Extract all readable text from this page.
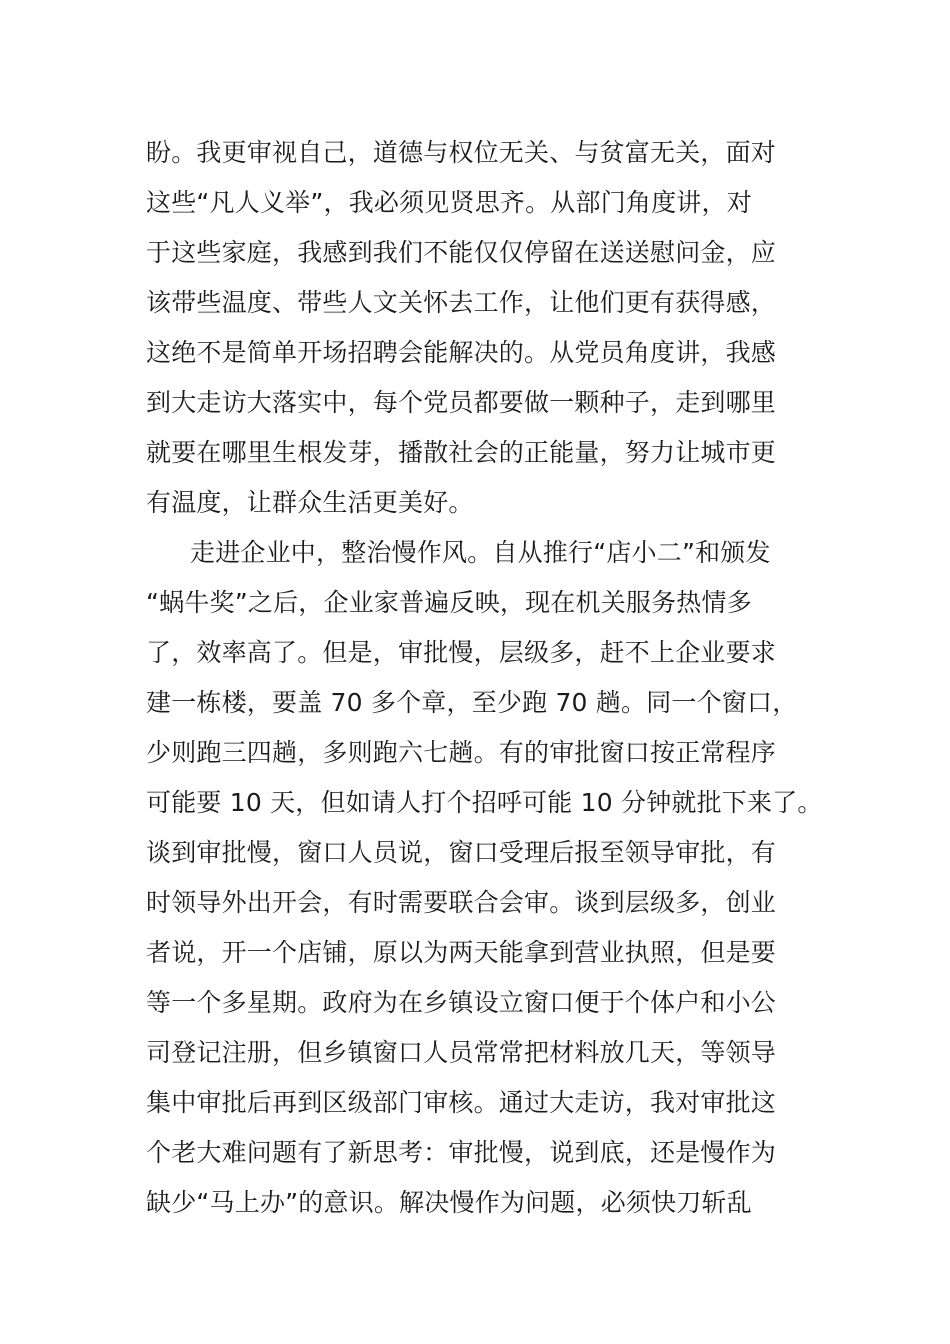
盼。我更审视自己，道德与权位无关、与贫富无关，面对
这些“凡人义举”，我必须见贤思齐。从部门角度讲，对
于这些家庭，我感到我们不能仅仅停留在送送慰问金，应
该带些温度、带些人文关怀去工作，让他们更有获得感，
这绝不是简单开场招聘会能解决的。从党员角度讲，我感
到大走访大落实中，每个党员都要做一颗种子，走到哪里
就要在哪里生根发芽，播散社会的正能量，努力让城市更
有温度，让群众生活更美好。
走进企业中，整治慢作风。自从推行“店小二”和颁发
“蜗牛奖”之后，企业家普遍反映，现在机关服务热情多
了，效率高了。但是，审批慢，层级多，赶不上企业要求
建一栋楼，要盖 70 多个章，至少跑 70 趟。同一个窗口，
少则跑三四趟，多则跑六七趟。有的审批窗口按正常程序
可能要 10 天，但如请人打个招呼可能 10 分钟就批下来了。
谈到审批慢，窗口人员说，窗口受理后报至领导审批，有
时领导外出开会，有时需要联合会审。谈到层级多，创业
者说，开一个店铺，原以为两天能拿到营业执照，但是要
等一个多星期。政府为在乡镇设立窗口便于个体户和小公
司登记注册，但乡镇窗口人员常常把材料放几天，等领导
集中审批后再到区级部门审核。通过大走访，我对审批这
个老大难问题有了新思考：审批慢，说到底，还是慢作为
缺少“马上办”的意识。解决慢作为问题，必须快刀斩乱
